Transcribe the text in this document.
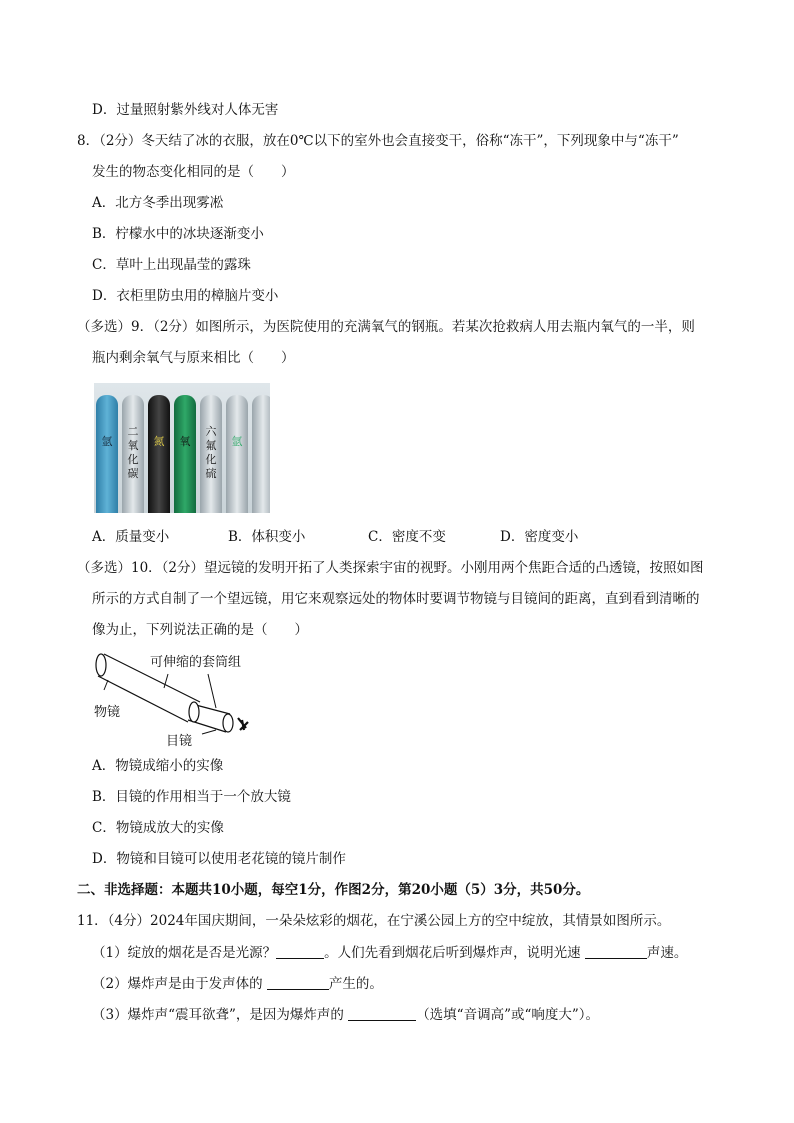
D．过量照射紫外线对人体无害
8．（2分）冬天结了冰的衣服，放在0℃以下的室外也会直接变干，俗称“冻干”，下列现象中与“冻干”
发生的物态变化相同的是（　　）
A．北方冬季出现雾凇
B．柠檬水中的冰块逐渐变小
C．草叶上出现晶莹的露珠
D．衣柜里防虫用的樟脑片变小
（多选）9．（2分）如图所示，为医院使用的充满氧气的钢瓶。若某次抢救病人用去瓶内氧气的一半，则
瓶内剩余氧气与原来相比（　　）
氩
二氧化碳
氮	氧
六氟化硫
氩
A．质量变小	B．体积变小	C．密度不变	D．密度变小
（多选）10．（2分）望远镜的发明开拓了人类探索宇宙的视野。小刚用两个焦距合适的凸透镜，按照如图
所示的方式自制了一个望远镜，用它来观察远处的物体时要调节物镜与目镜间的距离，直到看到清晰的
像为止，下列说法正确的是（　　）
可伸缩的套筒组
物镜
目镜
A．物镜成缩小的实像
B．目镜的作用相当于一个放大镜
C．物镜成放大的实像
D．物镜和目镜可以使用老花镜的镜片制作
二、非选择题：本题共10小题，每空1分，作图2分，第20小题（5）3分，共50分。
11．（4分）2024年国庆期间，一朵朵炫彩的烟花，在宁溪公园上方的空中绽放，其情景如图所示。
（1）绽放的烟花是否是光源？	。人们先看到烟花后听到爆炸声，说明光速	声速。
（2）爆炸声是由于发声体的	产生的。
（3）爆炸声“震耳欲聋”，是因为爆炸声的	（选填“音调高”或“响度大”）。
